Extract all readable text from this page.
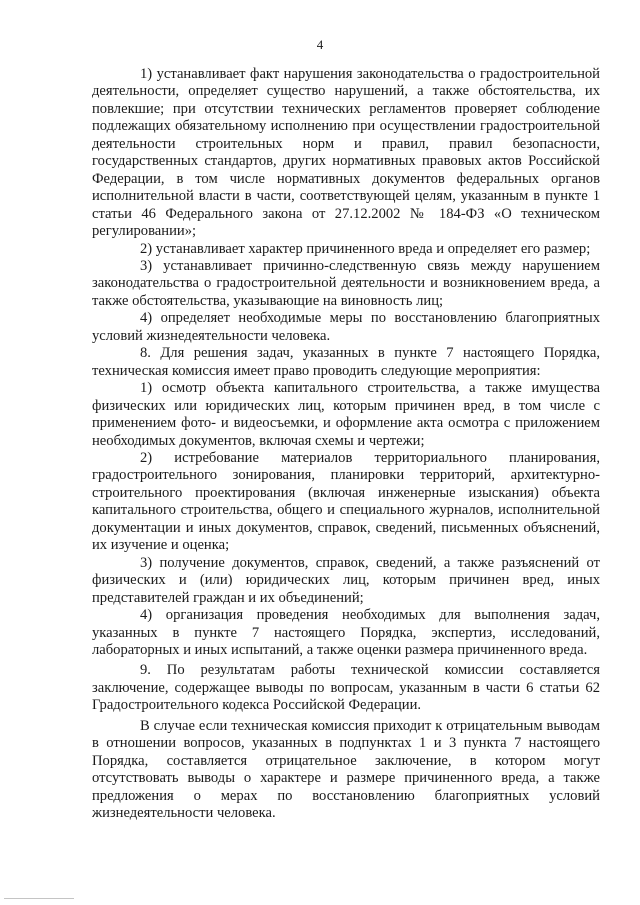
4

1) устанавливает факт нарушения законодательства о градостроительной деятельности, определяет существо нарушений, а также обстоятельства, их повлекшие; при отсутствии технических регламентов проверяет соблюдение подлежащих обязательному исполнению при осуществлении градостроительной деятельности строительных норм и правил, правил безопасности, государственных стандартов, других нормативных правовых актов Российской Федерации, в том числе нормативных документов федеральных органов исполнительной власти в части, соответствующей целям, указанным в пункте 1 статьи 46 Федерального закона от 27.12.2002 № 184-ФЗ «О техническом регулировании»;

2) устанавливает характер причиненного вреда и определяет его размер;

3) устанавливает причинно-следственную связь между нарушением законодательства о градостроительной деятельности и возникновением вреда, а также обстоятельства, указывающие на виновность лиц;

4) определяет необходимые меры по восстановлению благоприятных условий жизнедеятельности человека.

8. Для решения задач, указанных в пункте 7 настоящего Порядка, техническая комиссия имеет право проводить следующие мероприятия:

1) осмотр объекта капитального строительства, а также имущества физических или юридических лиц, которым причинен вред, в том числе с применением фото- и видеосъемки, и оформление акта осмотра с приложением необходимых документов, включая схемы и чертежи;

2) истребование материалов территориального планирования, градостроительного зонирования, планировки территорий, архитектурно-строительного проектирования (включая инженерные изыскания) объекта капитального строительства, общего и специального журналов, исполнительной документации и иных документов, справок, сведений, письменных объяснений, их изучение и оценка;

3) получение документов, справок, сведений, а также разъяснений от физических и (или) юридических лиц, которым причинен вред, иных представителей граждан и их объединений;

4) организация проведения необходимых для выполнения задач, указанных в пункте 7 настоящего Порядка, экспертиз, исследований, лабораторных и иных испытаний, а также оценки размера причиненного вреда.

9. По результатам работы технической комиссии составляется заключение, содержащее выводы по вопросам, указанным в части 6 статьи 62 Градостроительного кодекса Российской Федерации.

В случае если техническая комиссия приходит к отрицательным выводам в отношении вопросов, указанных в подпунктах 1 и 3 пункта 7 настоящего Порядка, составляется отрицательное заключение, в котором могут отсутствовать выводы о характере и размере причиненного вреда, а также предложения о мерах по восстановлению благоприятных условий жизнедеятельности человека.
